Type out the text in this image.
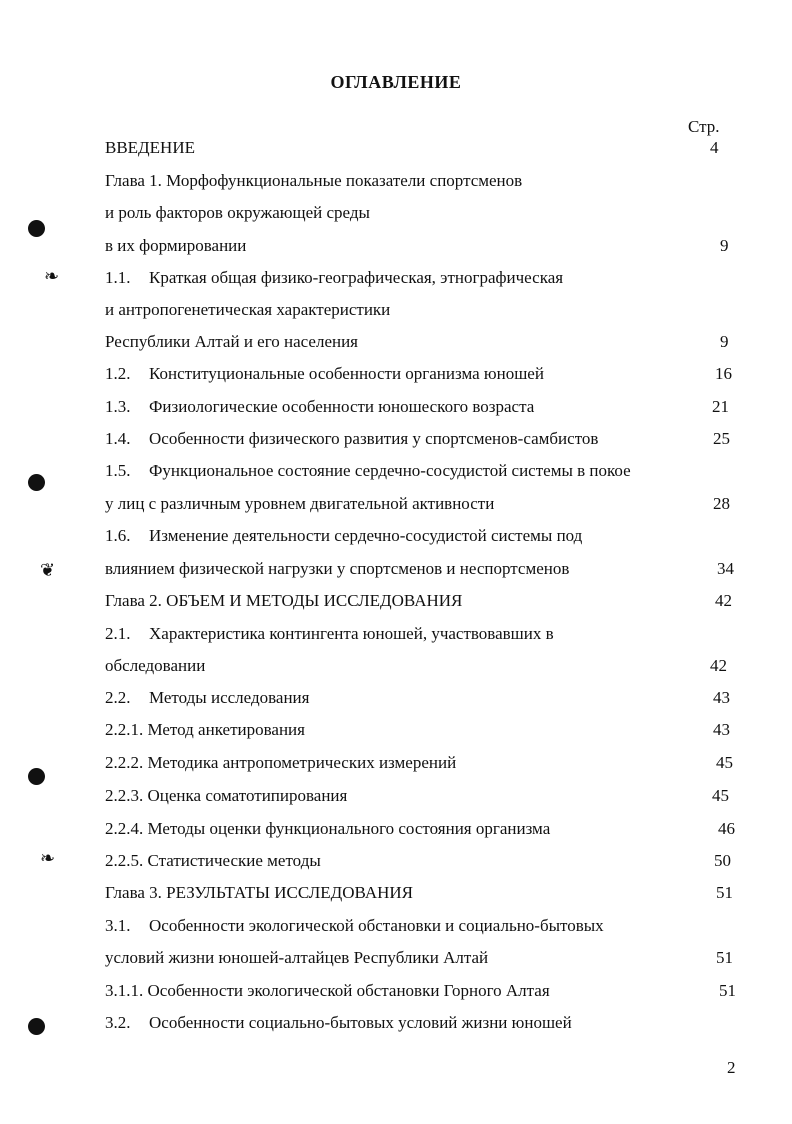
ОГЛАВЛЕНИЕ
Стр.
ВВЕДЕНИЕ	4
Глава 1. Морфофункциональные показатели спортсменов
и роль факторов окружающей среды
в их формировании	9
1.1. Краткая общая физико-географическая, этнографическая
и антропогенетическая характеристики
Республики Алтай и его населения	9
1.2. Конституциональные особенности организма юношей	16
1.3. Физиологические особенности юношеского возраста	21
1.4. Особенности физического развития у спортсменов-самбистов	25
1.5. Функциональное состояние сердечно-сосудистой системы в покое
у лиц с различным уровнем двигательной активности	28
1.6. Изменение деятельности сердечно-сосудистой системы под
влиянием физической нагрузки у спортсменов и неспортсменов	34
Глава 2. ОБЪЕМ И МЕТОДЫ ИССЛЕДОВАНИЯ	42
2.1. Характеристика контингента юношей, участвовавших в
обследовании	42
2.2. Методы исследования	43
2.2.1. Метод анкетирования	43
2.2.2. Методика антропометрических измерений	45
2.2.3. Оценка соматотипирования	45
2.2.4. Методы оценки функционального состояния организма	46
2.2.5. Статистические методы	50
Глава 3. РЕЗУЛЬТАТЫ ИССЛЕДОВАНИЯ	51
3.1. Особенности экологической обстановки и социально-бытовых
условий жизни юношей-алтайцев Республики Алтай	51
3.1.1. Особенности экологической обстановки Горного Алтая	51
3.2. Особенности социально-бытовых условий жизни юношей
❧
❦
❧
2
